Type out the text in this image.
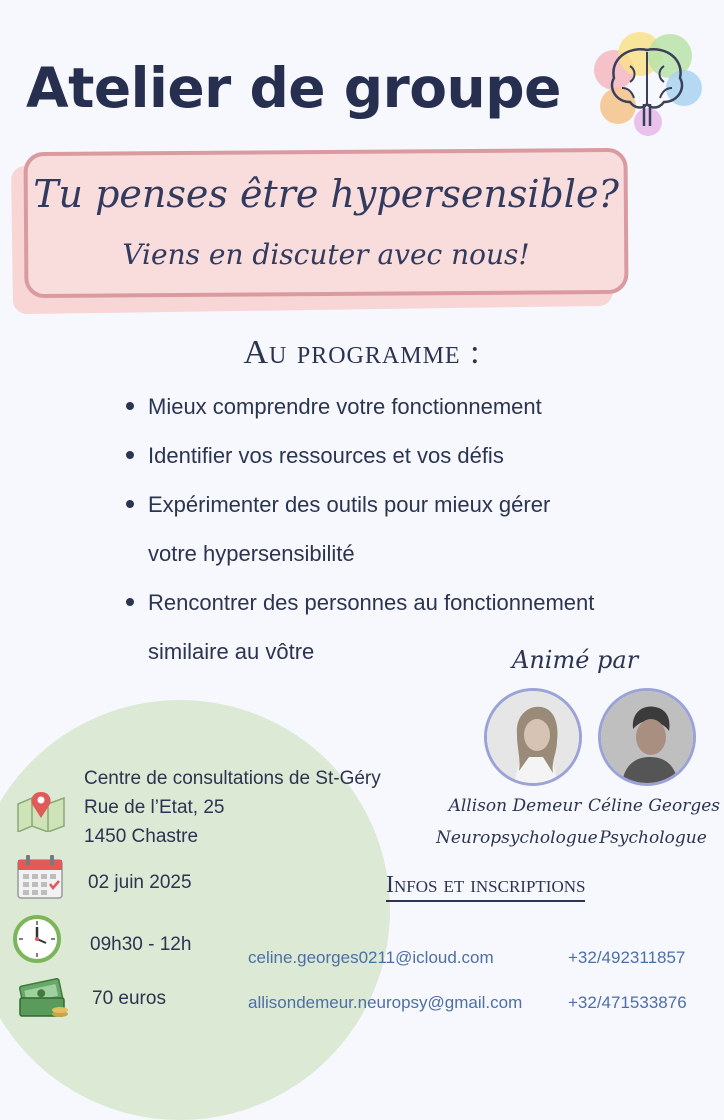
Atelier de groupe
Tu penses être hypersensible?
Viens en discuter avec nous!
Au programme :
Mieux comprendre votre fonctionnement
Identifier vos ressources et vos défis
Expérimenter des outils pour mieux gérer
votre hypersensibilité
Rencontrer des personnes au fonctionnement
similaire au vôtre
Centre de consultations de St-Géry
Rue de l’Etat, 25
1450 Chastre
02 juin 2025
09h30 - 12h
70 euros
Animé par
Allison Demeur Céline Georges
Neuropsychologue Psychologue
Infos et inscriptions
celine.georges0211@icloud.com	+32/492311857
allisondemeur.neuropsy@gmail.com	+32/471533876
